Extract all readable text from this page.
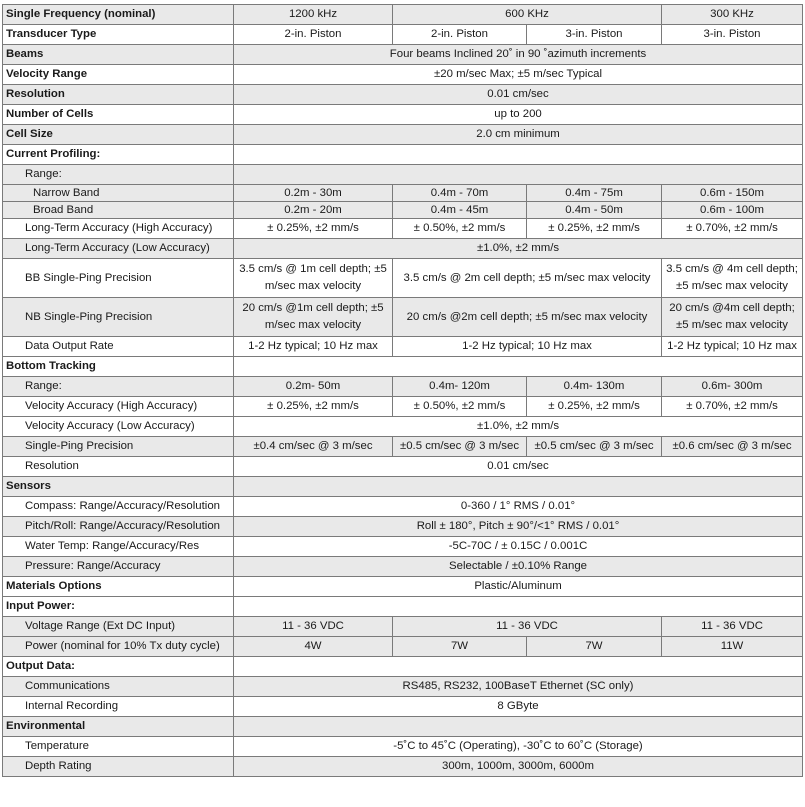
Single Frequency (nominal)	1200 kHz	600 KHz		300 KHz
Transducer Type	2-in. Piston	2-in. Piston	3-in. Piston	3-in. Piston
Beams	Four beams Inclined 20˚ in 90 ˚azimuth increments			
Velocity Range	±20 m/sec Max; ±5 m/sec Typical			
Resolution	0.01 cm/sec			
Number of Cells	up to 200			
Cell Size	2.0 cm minimum			
Current Profiling:				
Range:				
Narrow Band	0.2m - 30m	0.4m - 70m	0.4m - 75m	0.6m - 150m
Broad Band	0.2m - 20m	0.4m - 45m	0.4m - 50m	0.6m - 100m
Long-Term Accuracy (High Accuracy)	± 0.25%, ±2 mm/s	± 0.50%, ±2 mm/s	± 0.25%, ±2 mm/s	± 0.70%, ±2 mm/s
Long-Term Accuracy (Low Accuracy)	±1.0%, ±2 mm/s			
BB Single-Ping Precision	3.5 cm/s @ 1m cell depth; ±5 m/sec max velocity	3.5 cm/s @ 2m cell depth; ±5 m/sec max velocity		3.5 cm/s @ 4m cell depth; ±5 m/sec max velocity
NB Single-Ping Precision	20 cm/s @1m cell depth; ±5 m/sec max velocity	20 cm/s @2m cell depth; ±5 m/sec max velocity		20 cm/s @4m cell depth; ±5 m/sec max velocity
Data Output Rate	1-2 Hz typical; 10 Hz max	1-2 Hz typical; 10 Hz max		1-2 Hz typical; 10 Hz max
Bottom Tracking				
Range:	0.2m- 50m	0.4m- 120m	0.4m- 130m	0.6m- 300m
Velocity Accuracy (High Accuracy)	± 0.25%, ±2 mm/s	± 0.50%, ±2 mm/s	± 0.25%, ±2 mm/s	± 0.70%, ±2 mm/s
Velocity Accuracy (Low Accuracy)	±1.0%, ±2 mm/s			
Single-Ping Precision	±0.4 cm/sec @ 3 m/sec	±0.5 cm/sec @ 3 m/sec	±0.5 cm/sec @ 3 m/sec	±0.6 cm/sec @ 3 m/sec
Resolution	0.01 cm/sec			
Sensors				
Compass: Range/Accuracy/Resolution	0-360 / 1° RMS / 0.01°			
Pitch/Roll: Range/Accuracy/Resolution	Roll ± 180°, Pitch ± 90°/<1° RMS / 0.01°			
Water Temp: Range/Accuracy/Res	-5C-70C / ± 0.15C / 0.001C			
Pressure: Range/Accuracy	Selectable / ±0.10% Range			
Materials Options	Plastic/Aluminum			
Input Power:				
Voltage Range (Ext DC Input)	11 - 36 VDC	11 - 36 VDC		11 - 36 VDC
Power (nominal for 10% Tx duty cycle)	4W	7W	7W	11W
Output Data:				
Communications	RS485, RS232, 100BaseT Ethernet (SC only)			
Internal Recording	8 GByte			
Environmental				
Temperature	-5˚C to 45˚C (Operating), -30˚C to 60˚C (Storage)			
Depth Rating	300m, 1000m, 3000m, 6000m			
